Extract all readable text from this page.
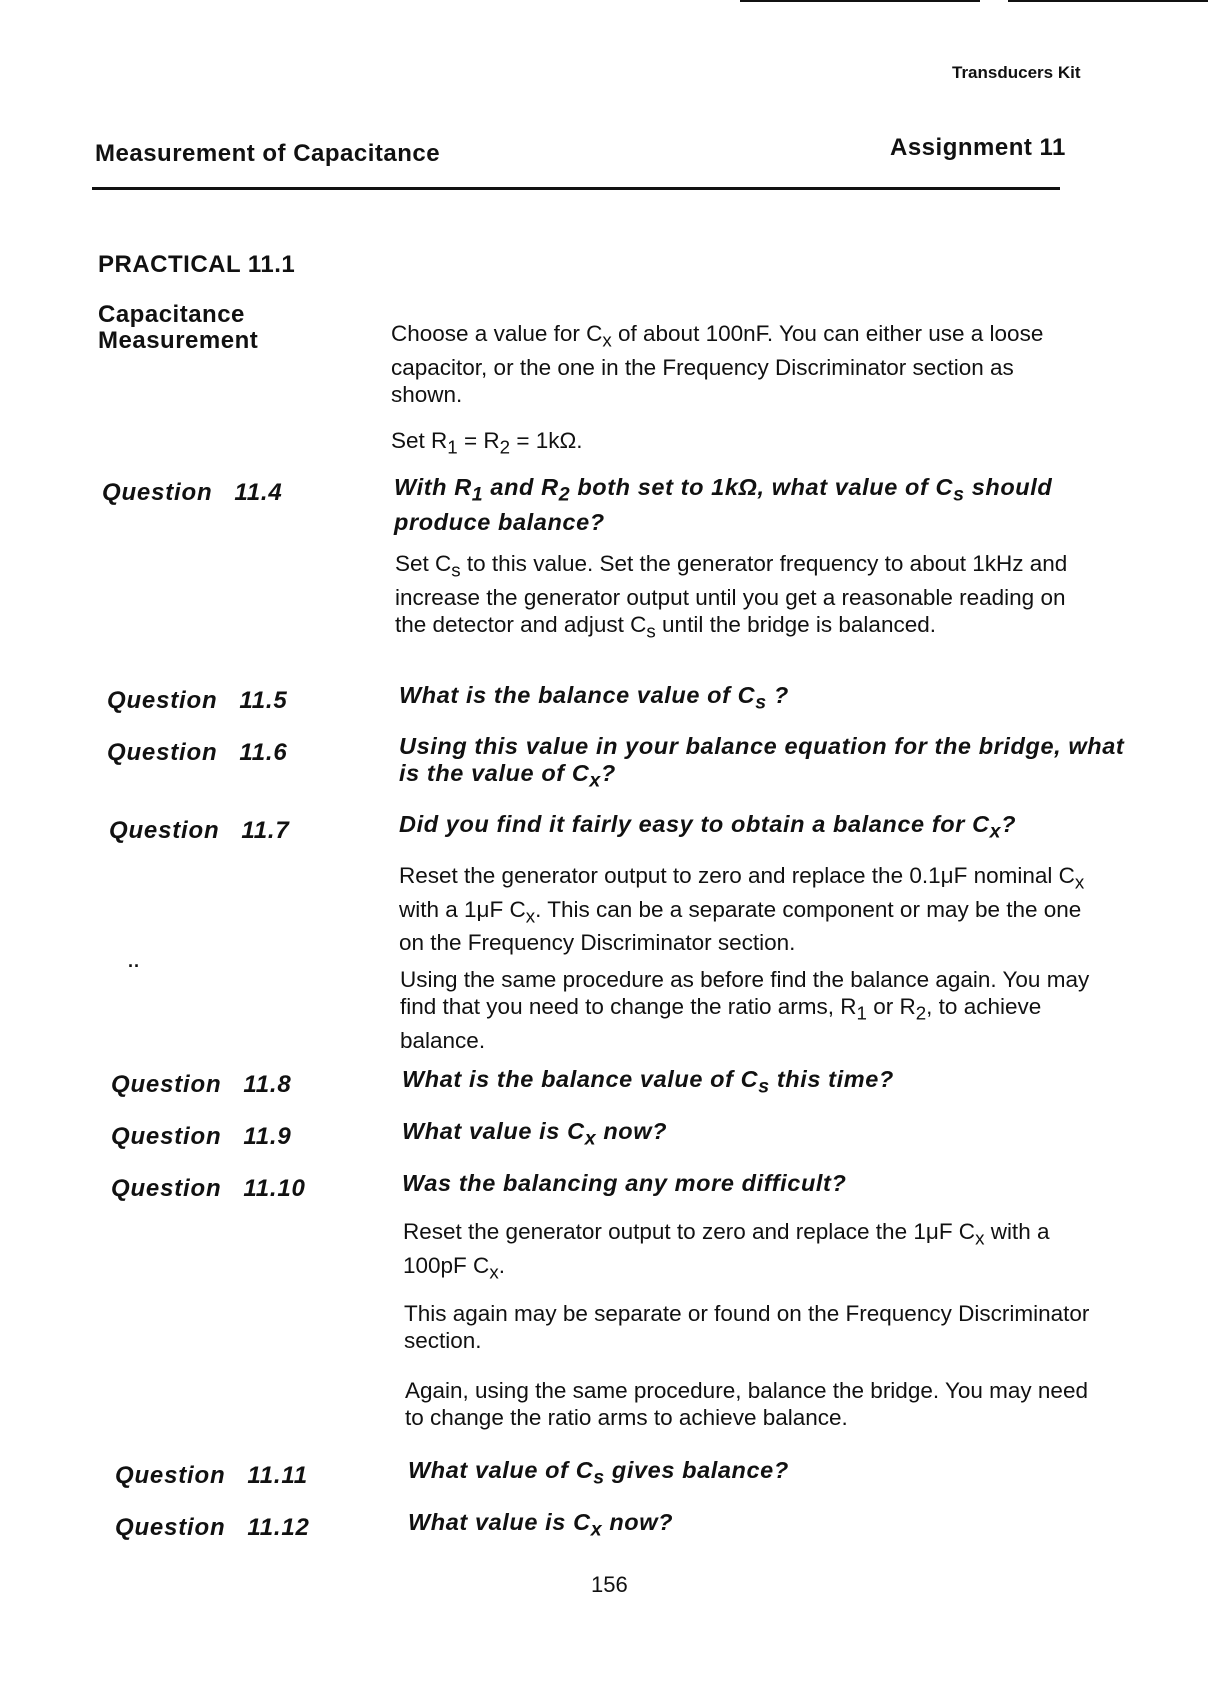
Transducers Kit
Measurement of Capacitance	Assignment 11
PRACTICAL 11.1
Capacitance
Measurement	Choose a value for $C_x$ of about 100nF. You can either use a loose capacitor, or the one in the Frequency Discriminator section as shown.
Set $R_1 = R_2 = 1k\Omega$.
Question 11.4	With $R_1$ and $R_2$ both set to 1kΩ, what value of $C_s$ should produce balance?
Set $C_s$ to this value. Set the generator frequency to about 1kHz and increase the generator output until you get a reasonable reading on the detector and adjust $C_s$ until the bridge is balanced.
Question 11.5	What is the balance value of $C_s$ ?
Question 11.6	Using this value in your balance equation for the bridge, what is the value of $C_x$?
Question 11.7	Did you find it fairly easy to obtain a balance for $C_x$?
Reset the generator output to zero and replace the 0.1μF nominal $C_x$ with a 1μF $C_x$. This can be a separate component or may be the one on the Frequency Discriminator section.
··
Using the same procedure as before find the balance again. You may find that you need to change the ratio arms, $R_1$ or $R_2$, to achieve balance.
Question 11.8	What is the balance value of $C_s$ this time?
Question 11.9	What value is $C_x$ now?
Question 11.10	Was the balancing any more difficult?
Reset the generator output to zero and replace the 1μF $C_x$ with a 100pF $C_x$.
This again may be separate or found on the Frequency Discriminator section.
Again, using the same procedure, balance the bridge. You may need to change the ratio arms to achieve balance.
Question 11.11	What value of $C_s$ gives balance?
Question 11.12	What value is $C_x$ now?
156
